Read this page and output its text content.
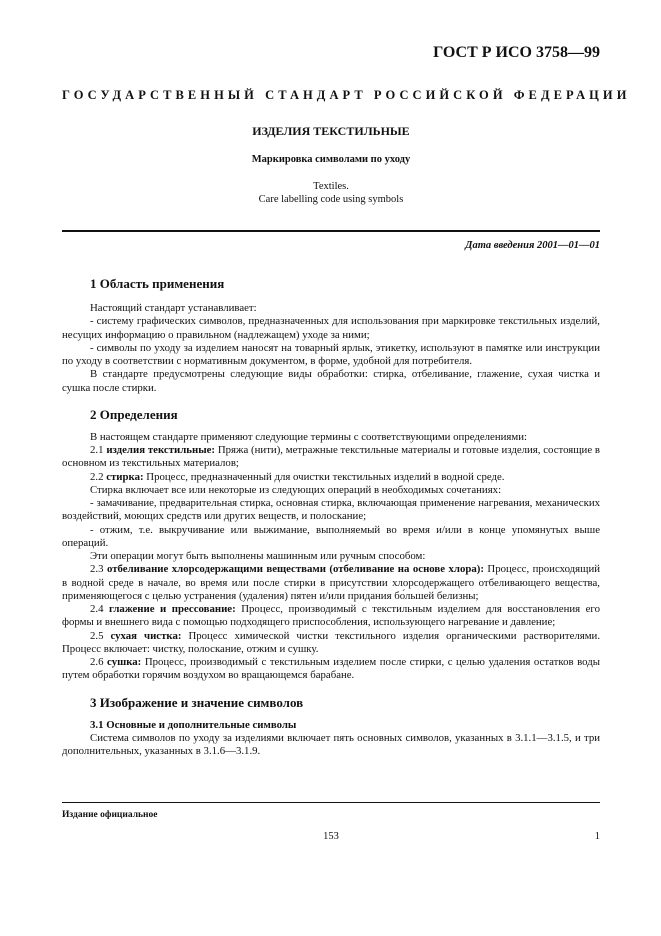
ГОСТ Р ИСО 3758—99
ГОСУДАРСТВЕННЫЙ СТАНДАРТ РОССИЙСКОЙ ФЕДЕРАЦИИ
ИЗДЕЛИЯ ТЕКСТИЛЬНЫЕ
Маркировка символами по уходу
Textiles.
Care labelling code using symbols
Дата введения 2001—01—01
1 Область применения

Настоящий стандарт устанавливает:

- систему графических символов, предназначенных для использования при маркировке текстильных изделий, несущих информацию о правильном (надлежащем) уходе за ними;

- символы по уходу за изделием наносят на товарный ярлык, этикетку, используют в памятке или инструкции по уходу в соответствии с нормативным документом, в форме, удобной для потребителя.

В стандарте предусмотрены следующие виды обработки: стирка, отбеливание, глажение, сухая чистка и сушка после стирки.

2 Определения

В настоящем стандарте применяют следующие термины с соответствующими определениями:

2.1 изделия текстильные: Пряжа (нити), метражные текстильные материалы и готовые изделия, состоящие в основном из текстильных материалов;

2.2 стирка: Процесс, предназначенный для очистки текстильных изделий в водной среде.

Стирка включает все или некоторые из следующих операций в необходимых сочетаниях:

- замачивание, предварительная стирка, основная стирка, включающая применение нагревания, механических воздействий, моющих средств или других веществ, и полоскание;

- отжим, т.е. выкручивание или выжимание, выполняемый во время и/или в конце упомянутых выше операций.

Эти операции могут быть выполнены машинным или ручным способом:

2.3 отбеливание хлорсодержащими веществами (отбеливание на основе хлора): Процесс, происходящий в водной среде в начале, во время или после стирки в присутствии хлорсодержащего отбеливающего вещества, применяющегося с целью устранения (удаления) пятен и/или придания бо́льшей белизны;

2.4 глажение и прессование: Процесс, производимый с текстильным изделием для восстановления его формы и внешнего вида с помощью подходящего приспособления, использующего нагревание и давление;

2.5 сухая чистка: Процесс химической чистки текстильного изделия органическими растворителями. Процесс включает: чистку, полоскание, отжим и сушку.

2.6 сушка: Процесс, производимый с текстильным изделием после стирки, с целью удаления остатков воды путем обработки горячим воздухом во вращающемся барабане.

3 Изображение и значение символов
3.1 Основные и дополнительные символы

Система символов по уходу за изделиями включает пять основных символов, указанных в 3.1.1—3.1.5, и три дополнительных, указанных в 3.1.6—3.1.9.

Издание официальное
153	1
